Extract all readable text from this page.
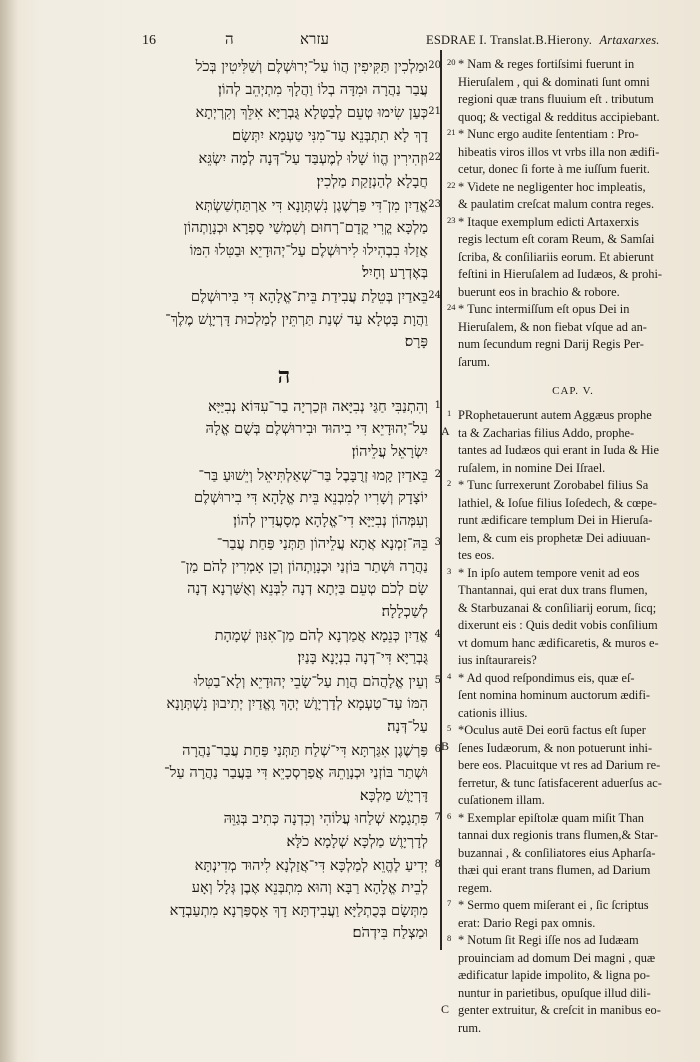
16	ה	עזרא	ESDRAE I. Translat.B.Hierony. Artaxarxes.
20
וּמַלְכִין תַּקִּיפִין הֲווֹ עַל־יְרוּשְׁלֶם וְשַׁלִּיטִין בְּכֹל
עֲבַר נַהֲרָה וּמִדָּה בְלוֹ וַהֲלָךְ מִתְיְהֵב לְהוֹן׃
21
כְּעַן שִׂימוּ טְעֵם לְבַטָּלָא גֻּבְרַיָּא אִלֵּךְ וְקִרְיְתָא
דָךְ לָא תִתְבְּנֵא עַד־מִנִּי טַעְמָא יִתְּשָׂם׃
22
וּזְהִירִין הֱווֹ שָׁלוּ לְמֶעְבַּד עַל־דְּנָה לְמָה יִשְׂגֵּא
חֲבָלָא לְהַנְזָקַת מַלְכִין׃
23
אֱדַיִן מִן־דִּי פַּרְשֶׁגֶן נִשְׁתְּוָנָא דִּי אַרְתַּחְשַׁשְׂתְּא
מַלְכָּא קֱרִי קֳדָם־רְחוּם וְשִׁמְשַׁי סָפְרָא וּכְנָוָתְהוֹן
אֲזַלוּ בִבְהִילוּ לִירוּשְׁלֶם עַל־יְהוּדָיֵא וּבַטִּלוּ הִמּוֹ
בְּאֶדְרָע וְחָיִל׃
24
בֵּאדַיִן בְּטֵלַת עֲבִידַת בֵּית־אֱלָהָא דִּי בִּירוּשְׁלֶם
וַהֲוָת בָּטְלָא עַד שְׁנַת תַּרְתֵּין לְמַלְכוּת דָּרְיָוֶשׁ מֶלֶךְ־
פָּרָס׃
ה
1
וְהִתְנַבִּי חַגַּי נְבִיָּאה וּזְכַרְיָה בַר־עִדּוֹא נְבִיַּיָּא
עַל־יְהוּדָיֵא דִּי בִיהוּד וּבִירוּשְׁלֶם בְּשֻׁם אֱלָהּ
יִשְׂרָאֵל עֲלֵיהוֹן׃
2
בֵּאדַיִן קָמוּ זְרֻבָּבֶל בַּר־שְׁאַלְתִּיאֵל וְיֵשׁוּעַ בַּר־
יוֹצָדָק וְשָׁרִיו לְמִבְנֵא בֵּית אֱלָהָא דִּי בִירוּשְׁלֶם
וְעִמְּהוֹן נְבִיַּיָּא דִי־אֱלָהָא מְסָעֲדִין לְהוֹן׃
3
בֵּהּ־זִמְנָא אֲתָא עֲלֵיהוֹן תַּתְּנַי פַּחַת עֲבַר־
נַהֲרָה וּשְׁתַר בּוֹזְנַי וּכְנָוָתְהוֹן וְכֵן אָמְרִין לְהֹם מַן־
שָׂם לְכֹם טְעֵם בַּיְתָא דְנָה לִבְּנֵא וְאֻשַּׁרְנָא דְנָה
לְשַׁכְלָלָה׃
4
אֱדַיִן כְּנֵמָא אֲמַרְנָא לְהֹם מַן־אִנּוּן שְׁמָהָת
גֻּבְרַיָּא דִּי־דְנָה בִנְיָנָא בָּנַיִן׃
5
וְעֵין אֱלָהֲהֹם הֲוָת עַל־שָׂבֵי יְהוּדָיֵא וְלָא־בַטִּלוּ
הִמּוֹ עַד־טַעְמָא לְדָרְיָוֶשׁ יְהָךְ וֶאֱדַיִן יְתִיבוּן נִשְׁתְּוָנָא
עַל־דְּנָה׃
6
פַּרְשֶׁגֶן אִגַּרְתָּא דִּי־שְׁלַח תַּתְּנַי פַּחַת עֲבַר־נַהֲרָה
וּשְׁתַר בּוֹזְנַי וּכְנָוָתֵהּ אֲפַרְסְכָיֵא דִּי בַּעֲבַר נַהֲרָה עַל־
דָּרְיָוֶשׁ מַלְכָּא׃
7
פִּתְגָמָא שְׁלַחוּ עֲלוֹהִי וְכִדְנָה כְּתִיב בְּגַוֵּהּ
לְדָרְיָוֶשׁ מַלְכָּא שְׁלָמָא כֹלָּא׃
8
יְדִיעַ לֶהֱוֵא לְמַלְכָּא דִּי־אֲזַלְנָא לִיהוּד מְדִינְתָּא
לְבֵית אֱלָהָא רַבָּא וְהוּא מִתְבְּנֵא אֶבֶן גְּלָל וְאָע
מִתְּשָׂם בְּכֻתְלַיָּא וַעֲבִידְתָּא דָךְ אָסְפַּרְנָא מִתְעַבְדָא
וּמַצְלַח בִּידְהֹם׃
20 * Nam & reges fortiſsimi fuerunt in
Hieruſalem , qui & dominati ſunt omni
regioni quæ trans fluuium eſt . tributum
quoq; & vectigal & redditus accipiebant.
21 * Nunc ergo audite ſententiam : Pro-
hibeatis viros illos vt vrbs illa non ædifi-
cetur, donec ſi forte à me iuſſum fuerit.
22 * Videte ne negligenter hoc impleatis,
& paulatim creſcat malum contra reges.
23 * Itaque exemplum edicti Artaxerxis
regis lectum eſt coram Reum, & Samſai
ſcriba, & conſiliariis eorum. Et abierunt
feſtini in Hieruſalem ad Iudæos, & prohi-
buerunt eos in brachio & robore.
24 * Tunc intermiſſum eſt opus Dei in
Hieruſalem, & non fiebat vſque ad an-
num ſecundum regni Darij Regis Per-
ſarum.
CAP. V.
1 PRophetauerunt autem Aggæus prophe
ta & Zacharias filius Addo, prophe-
tantes ad Iudæos qui erant in Iuda & Hie
ruſalem, in nomine Dei Iſrael.
A
2 * Tunc ſurrexerunt Zorobabel filius Sa
lathiel, & Ioſue filius Ioſedech, & cœpe-
runt ædificare templum Dei in Hieruſa-
lem, & cum eis prophetæ Dei adiuuan-
tes eos.
3 * In ipſo autem tempore venit ad eos
Thantannai, qui erat dux trans flumen,
& Starbuzanai & conſiliarij eorum, ſicq;
dixerunt eis : Quis dedit vobis conſilium
vt domum hanc ædificaretis, & muros e-
ius inſtaurareis?
4 * Ad quod reſpondimus eis, quæ eſ-
ſent nomina hominum auctorum ædifi-
cationis illius.
5 *Oculus autē Dei eorū factus eſt ſuper
ſenes Iudæorum, & non potuerunt inhi-
bere eos. Placuitque vt res ad Darium re-
ferretur, & tunc ſatisfacerent aduerſus ac-
cuſationem illam.
B
6 * Exemplar epiſtolæ quam miſit Than
tannai dux regionis trans flumen,& Star-
buzannai , & conſiliatores eius Apharſa-
thæi qui erant trans flumen, ad Darium
regem.
7 * Sermo quem miſerant ei , ſic ſcriptus
erat: Dario Regi pax omnis.
8 * Notum ſit Regi iſſe nos ad Iudæam
prouinciam ad domum Dei magni , quæ
ædificatur lapide impolito, & ligna po-
nuntur in parietibus, opuſque illud dili-
genter extruitur, & creſcit in manibus eo-
rum.
C
